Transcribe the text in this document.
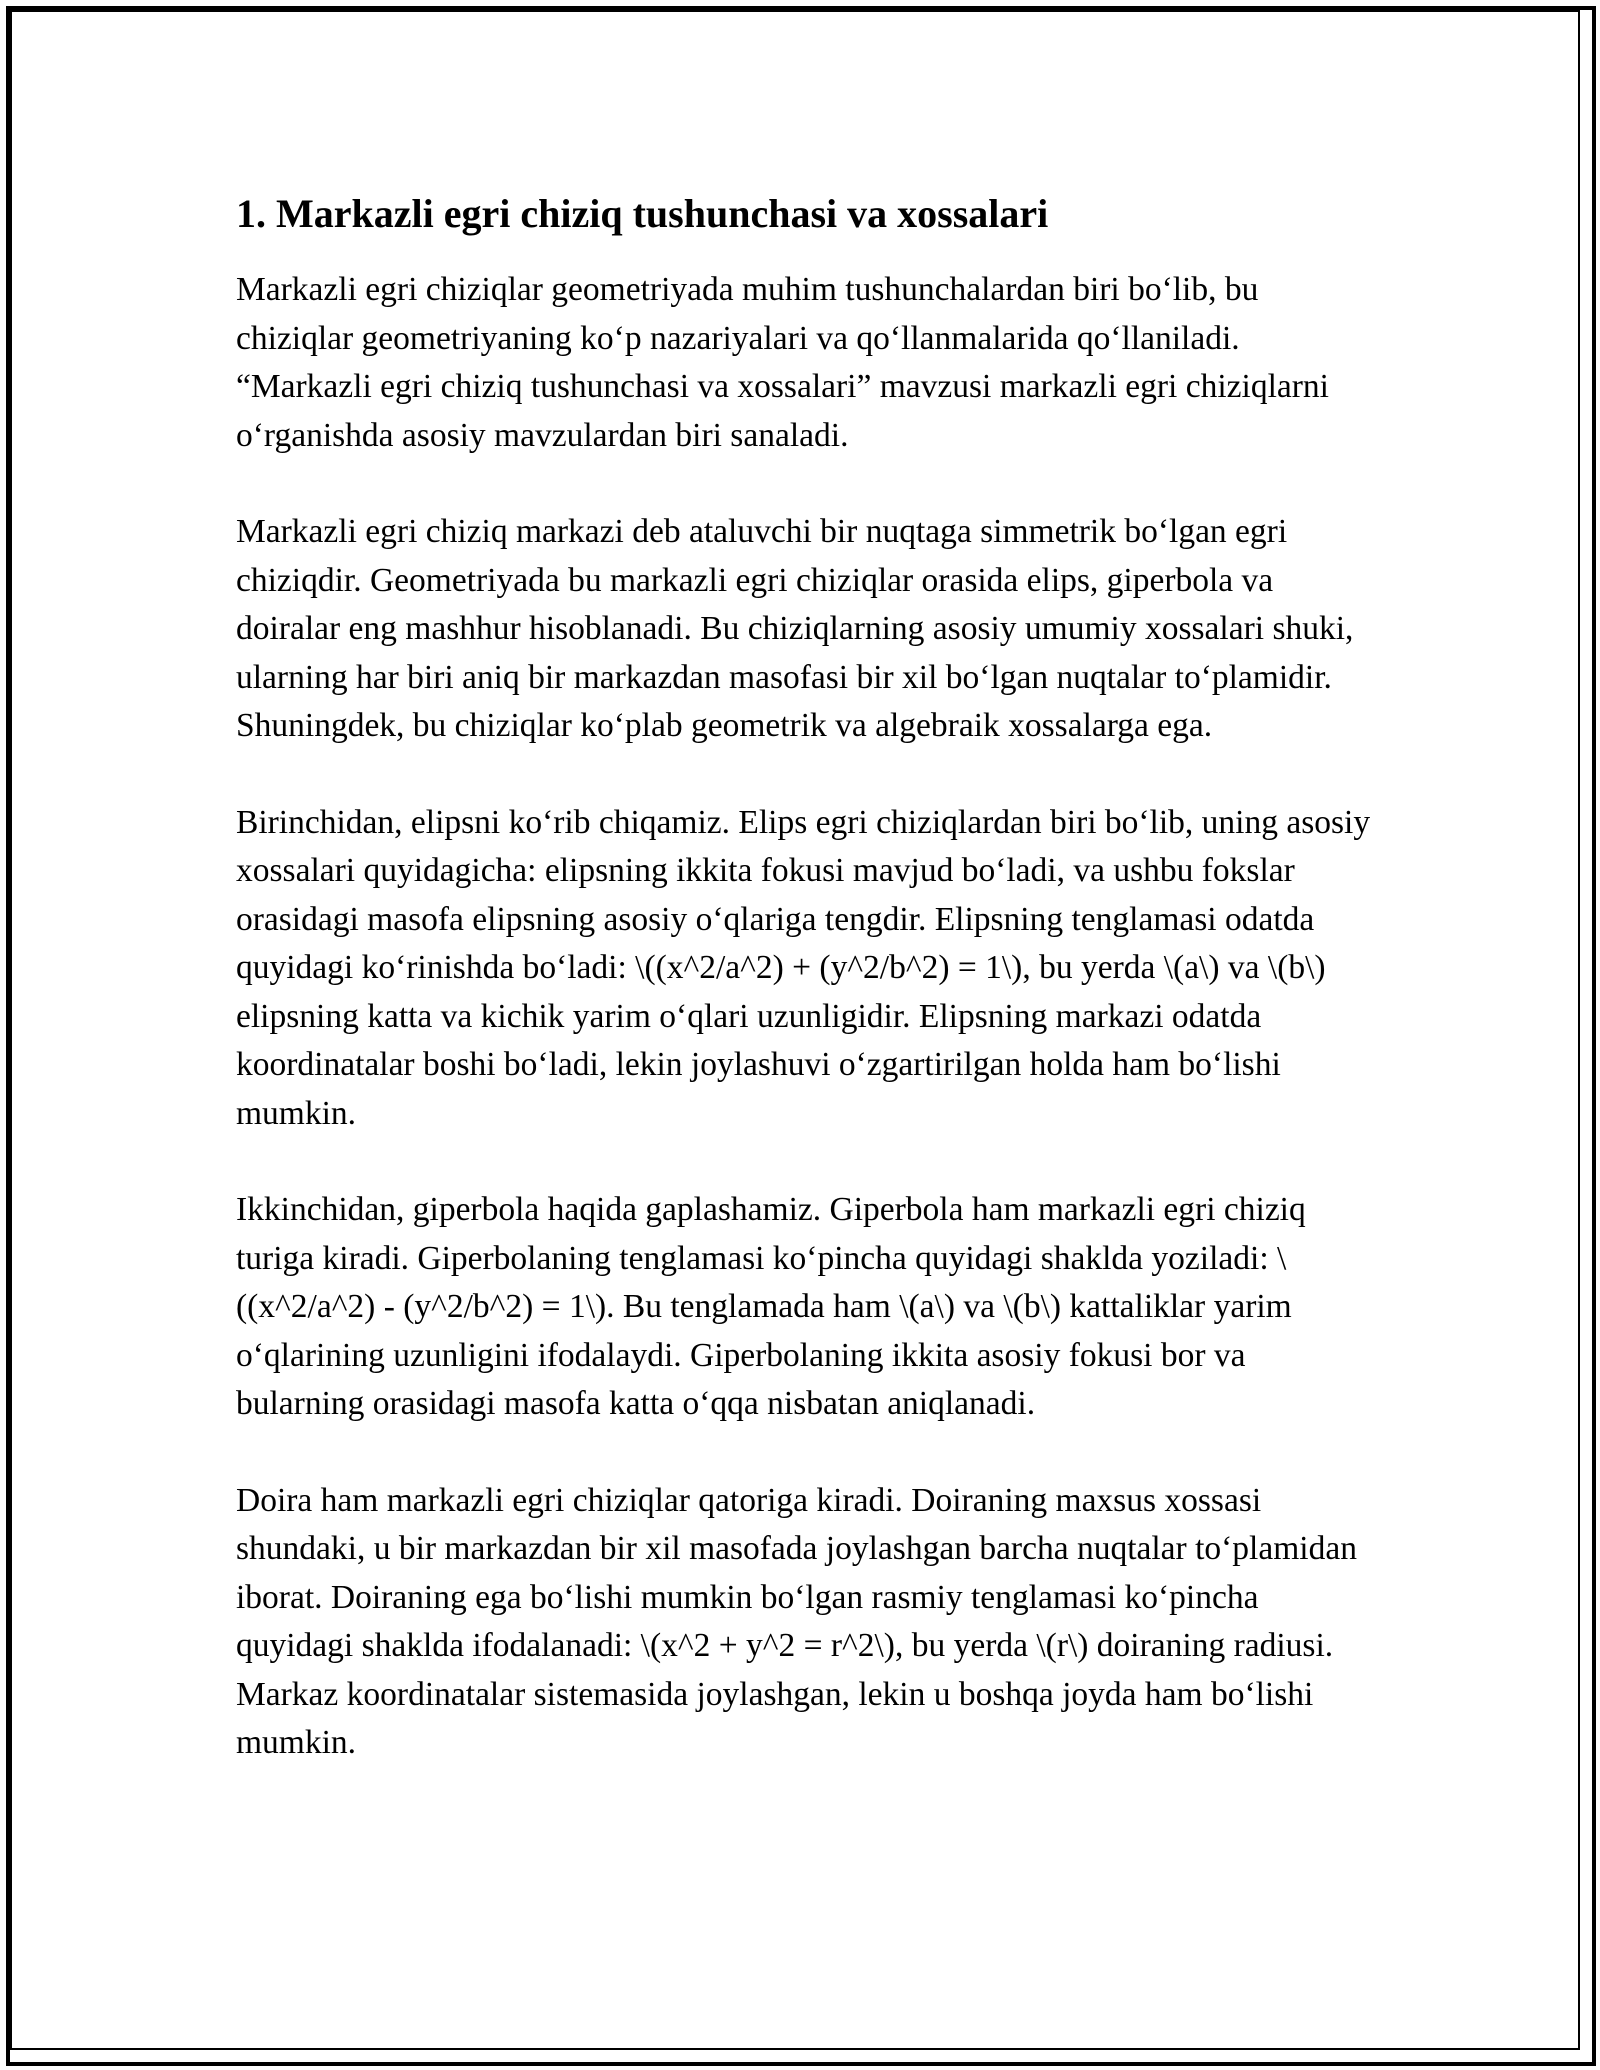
1. Markazli egri chiziq tushunchasi va xossalari

Markazli egri chiziqlar geometriyada muhim tushunchalardan biri boʻlib, bu chiziqlar geometriyaning koʻp nazariyalari va qoʻllanmalarida qoʻllaniladi. “Markazli egri chiziq tushunchasi va xossalari” mavzusi markazli egri chiziqlarni oʻrganishda asosiy mavzulardan biri sanaladi.

Markazli egri chiziq markazi deb ataluvchi bir nuqtaga simmetrik boʻlgan egri chiziqdir. Geometriyada bu markazli egri chiziqlar orasida elips, giperbola va doiralar eng mashhur hisoblanadi. Bu chiziqlarning asosiy umumiy xossalari shuki, ularning har biri aniq bir markazdan masofasi bir xil boʻlgan nuqtalar toʻplamidir. Shuningdek, bu chiziqlar koʻplab geometrik va algebraik xossalarga ega.

Birinchidan, elipsni koʻrib chiqamiz. Elips egri chiziqlardan biri boʻlib, uning asosiy xossalari quyidagicha: elipsning ikkita fokusi mavjud boʻladi, va ushbu fokslar orasidagi masofa elipsning asosiy oʻqlariga tengdir. Elipsning tenglamasi odatda quyidagi koʻrinishda boʻladi: \((x^2/a^2) + (y^2/b^2) = 1\), bu yerda \(a\) va \(b\) elipsning katta va kichik yarim oʻqlari uzunligidir. Elipsning markazi odatda koordinatalar boshi boʻladi, lekin joylashuvi oʻzgartirilgan holda ham boʻlishi mumkin.

Ikkinchidan, giperbola haqida gaplashamiz. Giperbola ham markazli egri chiziq turiga kiradi. Giperbolaning tenglamasi koʻpincha quyidagi shaklda yoziladi: \((x^2/a^2) - (y^2/b^2) = 1\). Bu tenglamada ham \(a\) va \(b\) kattaliklar yarim oʻqlarining uzunligini ifodalaydi. Giperbolaning ikkita asosiy fokusi bor va bularning orasidagi masofa katta oʻqqa nisbatan aniqlanadi.

Doira ham markazli egri chiziqlar qatoriga kiradi. Doiraning maxsus xossasi shundaki, u bir markazdan bir xil masofada joylashgan barcha nuqtalar toʻplamidan iborat. Doiraning ega boʻlishi mumkin boʻlgan rasmiy tenglamasi koʻpincha quyidagi shaklda ifodalanadi: \(x^2 + y^2 = r^2\), bu yerda \(r\) doiraning radiusi. Markaz koordinatalar sistemasida joylashgan, lekin u boshqa joyda ham boʻlishi mumkin.
